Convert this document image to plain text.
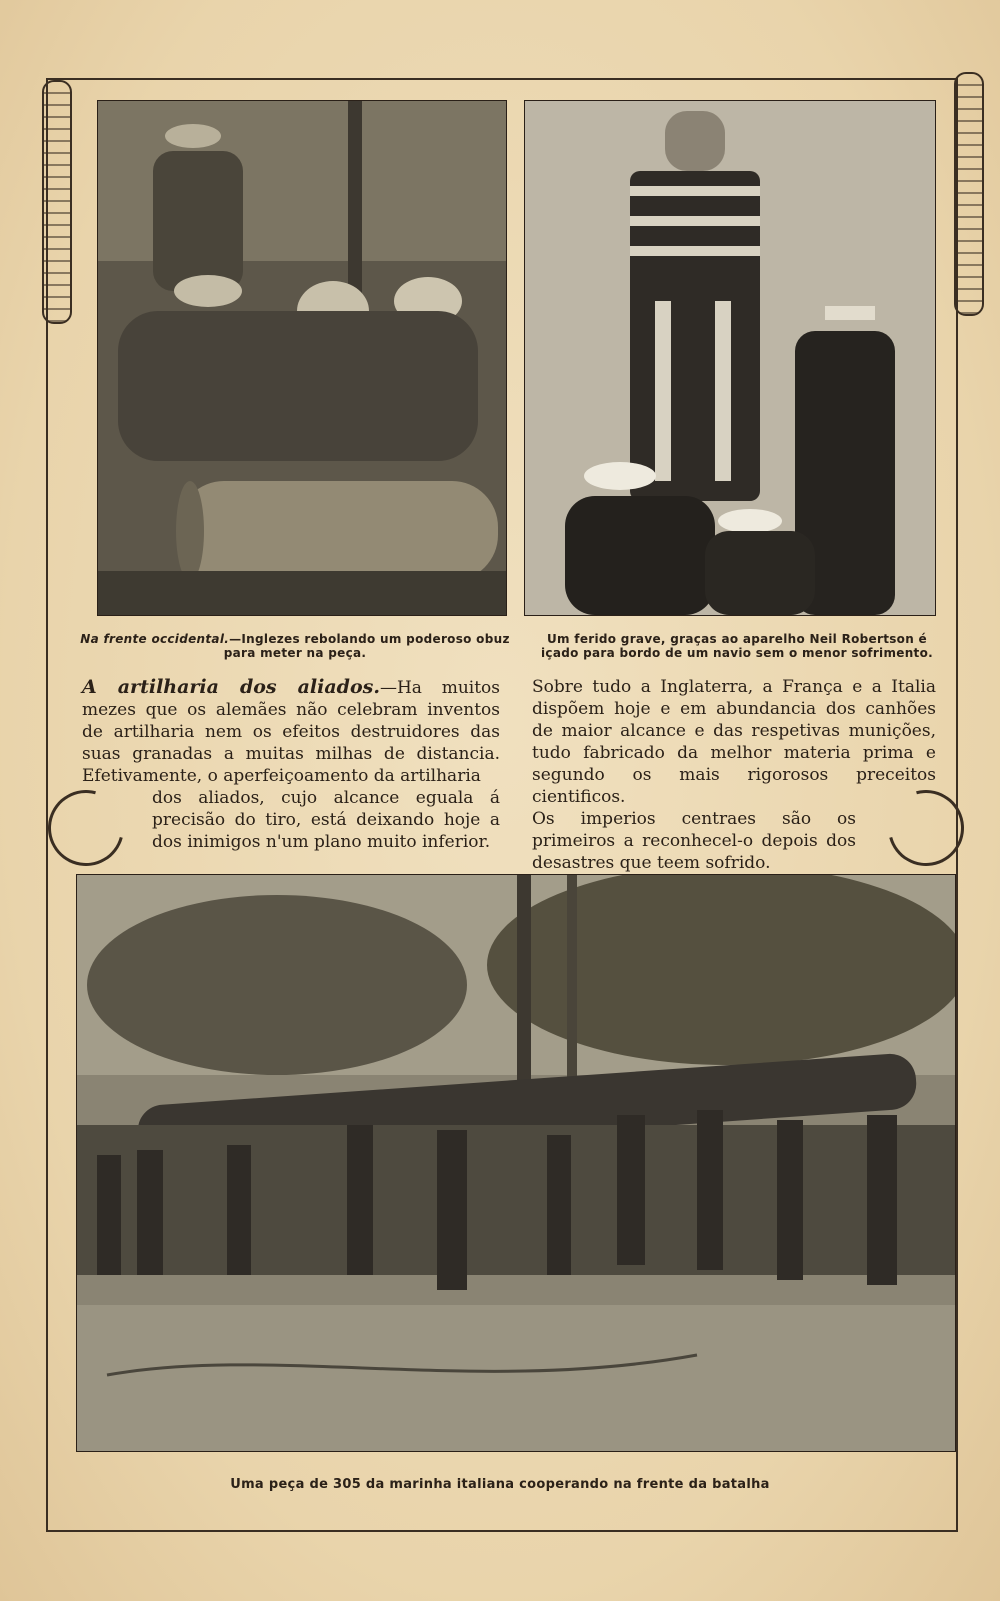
Na frente occidental.—Inglezes rebolando um poderoso obuz para meter na peça.
Um ferido grave, graças ao aparelho Neil Robertson é içado para bordo de um navio sem o menor sofrimento.
A artilharia dos aliados.—Ha muitos mezes que os alemães não celebram inventos de artilharia nem os efeitos destruidores das suas granadas a muitas milhas de distancia. Efetivamente, o aperfeiçoamento da artilharia
dos aliados, cujo alcance eguala á precisão do tiro, está deixando hoje a dos inimigos n'um plano muito inferior.
Sobre tudo a Inglaterra, a França e a Italia dispõem hoje e em abundancia dos canhões de maior alcance e das respetivas munições, tudo fabricado da melhor materia prima e segundo os mais rigorosos preceitos cientificos.
Os imperios centraes são os primeiros a reconhecel-o depois dos desastres que teem sofrido.
Uma peça de 305 da marinha italiana cooperando na frente da batalha
